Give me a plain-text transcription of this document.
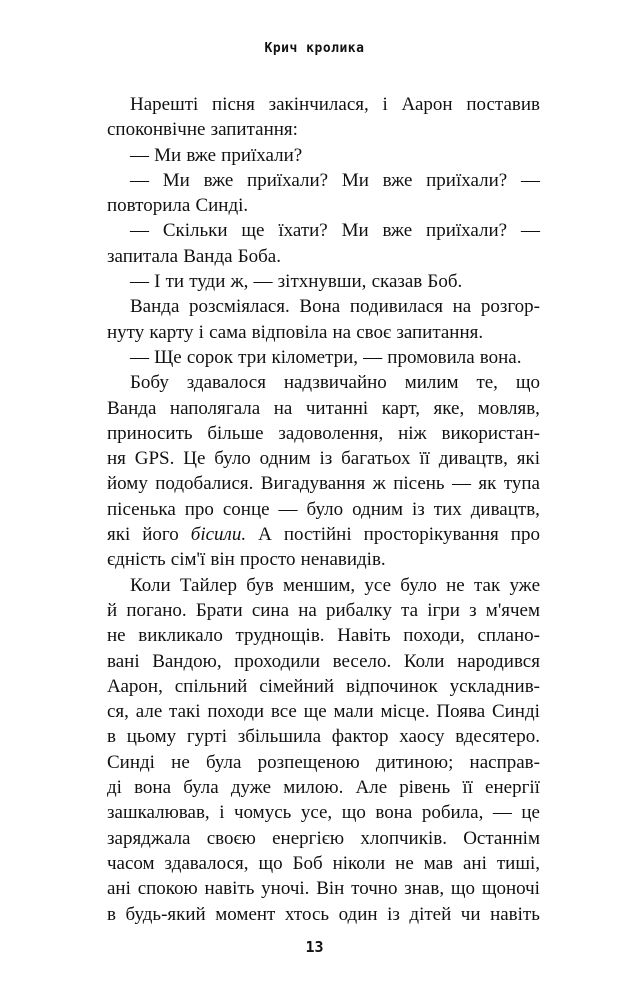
Крич кролика
Нарешті пісня закінчилася, і Аарон поставив
споконвічне запитання:
— Ми вже приїхали?
— Ми вже приїхали? Ми вже приїхали? —
повторила Синді.
— Скільки ще їхати? Ми вже приїхали? —
запитала Ванда Боба.
— І ти туди ж, — зітхнувши, сказав Боб.
Ванда розсміялася. Вона подивилася на розгор-
нуту карту і сама відповіла на своє запитання.
— Ще сорок три кілометри, — промовила вона.
Бобу здавалося надзвичайно милим те, що
Ванда наполягала на читанні карт, яке, мовляв,
приносить більше задоволення, ніж використан-
ня GPS. Це було одним із багатьох її дивацтв, які
йому подобалися. Вигадування ж пісень — як тупа
пісенька про сонце — було одним із тих дивацтв,
які його бісили. А постійні просторікування про
єдність сім'ї він просто ненавидів.
Коли Тайлер був меншим, усе було не так уже
й погано. Брати сина на рибалку та ігри з м'ячем
не викликало труднощів. Навіть походи, сплано-
вані Вандою, проходили весело. Коли народився
Аарон, спільний сімейний відпочинок ускладнив-
ся, але такі походи все ще мали місце. Поява Синді
в цьому гурті збільшила фактор хаосу вдесятеро.
Синді не була розпещеною дитиною; насправ-
ді вона була дуже милою. Але рівень її енергії
зашкалював, і чомусь усе, що вона робила, — це
заряджала своєю енергією хлопчиків. Останнім
часом здавалося, що Боб ніколи не мав ані тиші,
ані спокою навіть уночі. Він точно знав, що щоночі
в будь-який момент хтось один із дітей чи навіть
13
